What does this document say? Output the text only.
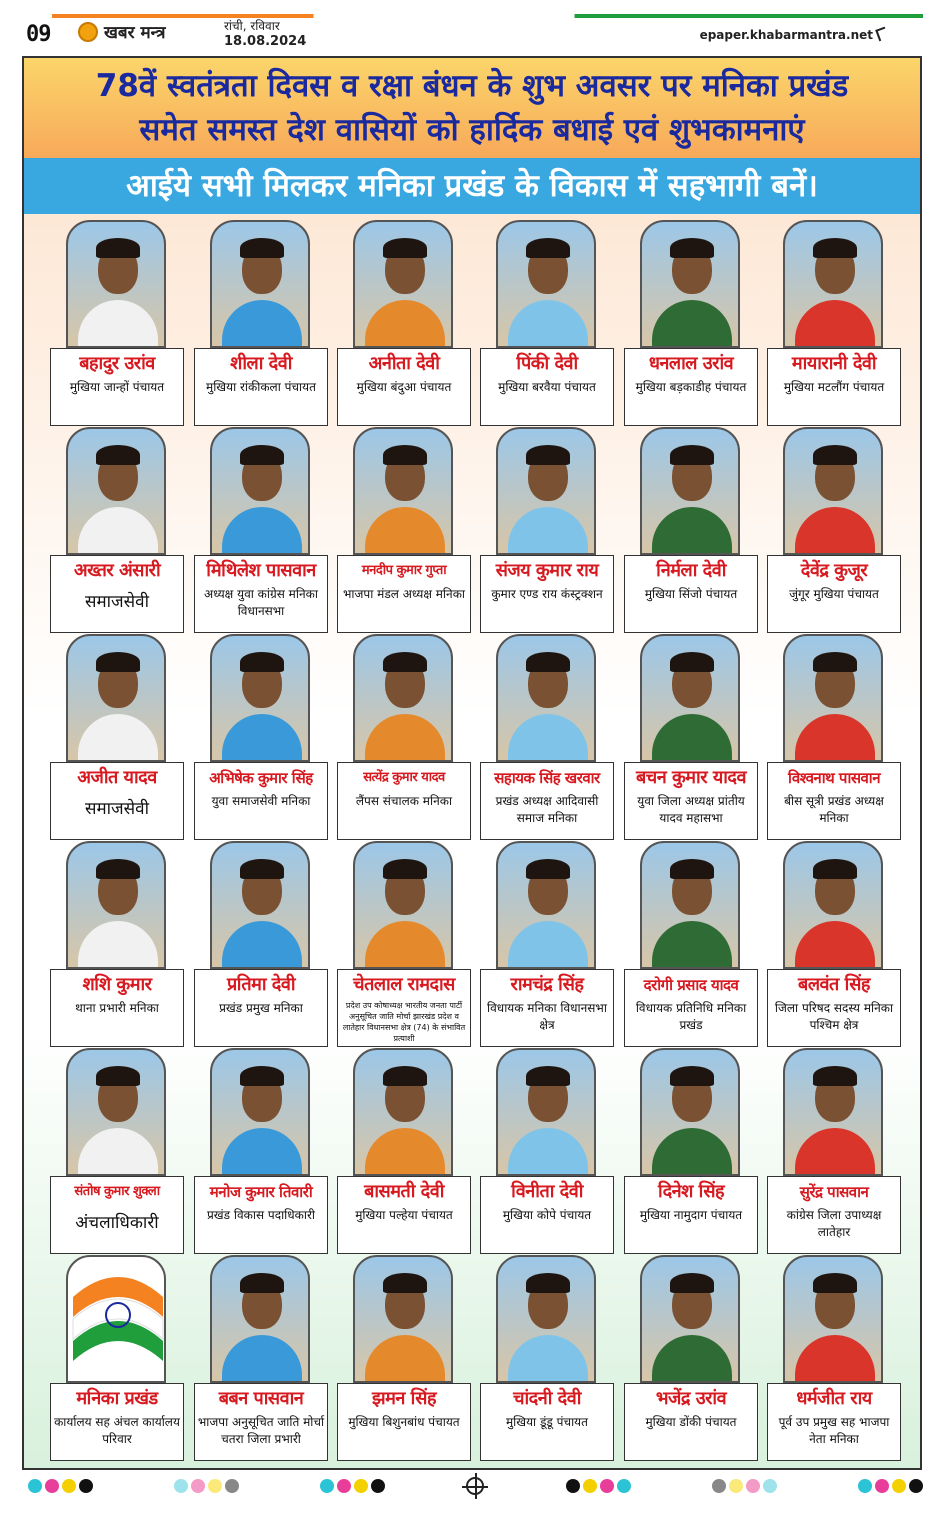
09	खबर मन्त्र	रांची, रविवार
18.08.2024	epaper.khabarmantra.net
78वें स्वतंत्रता दिवस व रक्षा बंधन के शुभ अवसर पर मनिका प्रखंड
समेत समस्त देश वासियों को हार्दिक बधाई एवं शुभकामनाएं
आईये सभी मिलकर मनिका प्रखंड के विकास में सहभागी बनें।
बहादुर उरांव
मुखिया जान्हों पंचायत
शीला देवी
मुखिया रांकीकला पंचायत
अनीता देवी
मुखिया बंदुआ पंचायत
पिंकी देवी
मुखिया बरवैया पंचायत
धनलाल उरांव
मुखिया बड़काडीह पंचायत
मायारानी देवी
मुखिया मटलौंग पंचायत
अख्तर अंसारी
समाजसेवी
मिथिलेश पासवान
अध्यक्ष युवा कांग्रेस मनिका विधानसभा
मनदीप कुमार गुप्ता
भाजपा मंडल अध्यक्ष मनिका
संजय कुमार राय
कुमार एण्ड राय कंस्ट्रक्शन
निर्मला देवी
मुखिया सिंजो पंचायत
देवेंद्र कुजूर
जुंगूर मुखिया पंचायत
अजीत यादव
समाजसेवी
अभिषेक कुमार सिंह
युवा समाजसेवी मनिका
सत्येंद्र कुमार यादव
लैंपस संचालक मनिका
सहायक सिंह खरवार
प्रखंड अध्यक्ष आदिवासी समाज मनिका
बचन कुमार यादव
युवा जिला अध्यक्ष प्रांतीय यादव महासभा
विश्वनाथ पासवान
बीस सूत्री प्रखंड अध्यक्ष मनिका
शशि कुमार
थाना प्रभारी मनिका
प्रतिमा देवी
प्रखंड प्रमुख मनिका
चेतलाल रामदास
प्रदेश उप कोषाध्यक्ष भारतीय जनता पार्टी अनुसूचित जाति मोर्चा झारखंड प्रदेश व लातेहार विधानसभा क्षेत्र (74) के संभावित प्रत्याशी
रामचंद्र सिंह
विधायक मनिका विधानसभा क्षेत्र
दरोगी प्रसाद यादव
विधायक प्रतिनिधि मनिका प्रखंड
बलवंत सिंह
जिला परिषद सदस्य मनिका पश्चिम क्षेत्र
संतोष कुमार शुक्ला
अंचलाधिकारी
मनोज कुमार तिवारी
प्रखंड विकास पदाधिकारी
बासमती देवी
मुखिया पल्हेया पंचायत
विनीता देवी
मुखिया कोपे पंचायत
दिनेश सिंह
मुखिया नामुदाग पंचायत
सुरेंद्र पासवान
कांग्रेस जिला उपाध्यक्ष लातेहार
मनिका प्रखंड
कार्यालय सह अंचल कार्यालय परिवार
बबन पासवान
भाजपा अनुसूचित जाति मोर्चा चतरा जिला प्रभारी
झमन सिंह
मुखिया बिशुनबांध पंचायत
चांदनी देवी
मुखिया डूंडू पंचायत
भजेंद्र उरांव
मुखिया डोंकी पंचायत
धर्मजीत राय
पूर्व उप प्रमुख सह भाजपा नेता मनिका
